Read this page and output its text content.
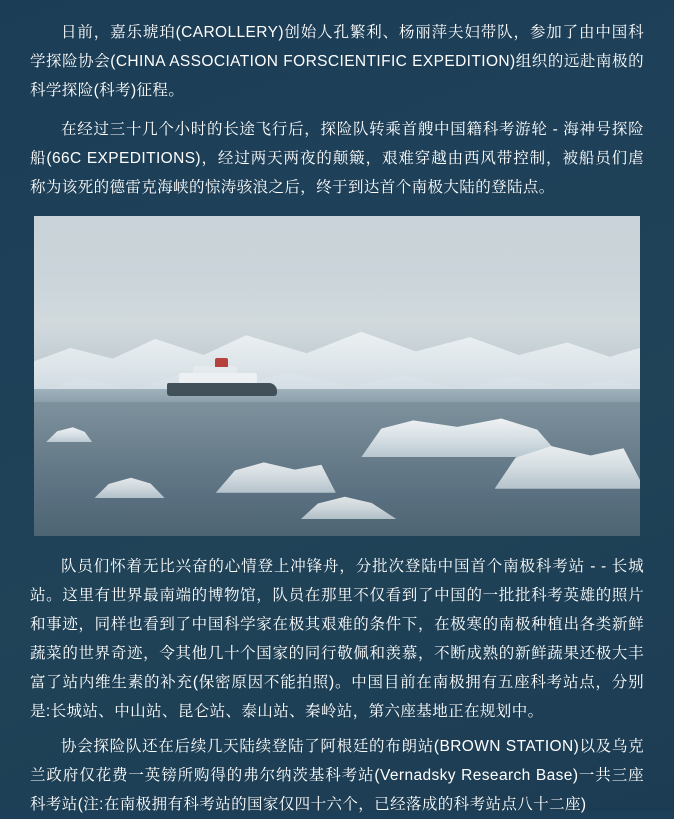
日前，嘉乐琥珀(CAROLLERY)创始人孔繁利、杨丽萍夫妇带队，参加了由中国科学探险协会(CHINA ASSOCIATION FORSCIENTIFIC EXPEDITION)组织的远赴南极的科学探险(科考)征程。

在经过三十几个小时的长途飞行后，探险队转乘首艘中国籍科考游轮 - 海神号探险船(66C EXPEDITIONS)，经过两天两夜的颠簸，艰难穿越由西风带控制，被船员们虐称为该死的德雷克海峡的惊涛骇浪之后，终于到达首个南极大陆的登陆点。

队员们怀着无比兴奋的心情登上冲锋舟，分批次登陆中国首个南极科考站 - - 长城站。这里有世界最南端的博物馆，队员在那里不仅看到了中国的一批批科考英雄的照片和事迹，同样也看到了中国科学家在极其艰难的条件下，在极寒的南极种植出各类新鲜蔬菜的世界奇迹，令其他几十个国家的同行敬佩和羡慕，不断成熟的新鲜蔬果还极大丰富了站内维生素的补充(保密原因不能拍照)。中国目前在南极拥有五座科考站点，分别是:长城站、中山站、昆仑站、泰山站、秦岭站，第六座基地正在规划中。

协会探险队还在后续几天陆续登陆了阿根廷的布朗站(BROWN STATION)以及乌克兰政府仅花费一英镑所购得的弗尔纳茨基科考站(Vernadsky Research Base)一共三座科考站(注:在南极拥有科考站的国家仅四十六个，已经落成的科考站点八十二座)
